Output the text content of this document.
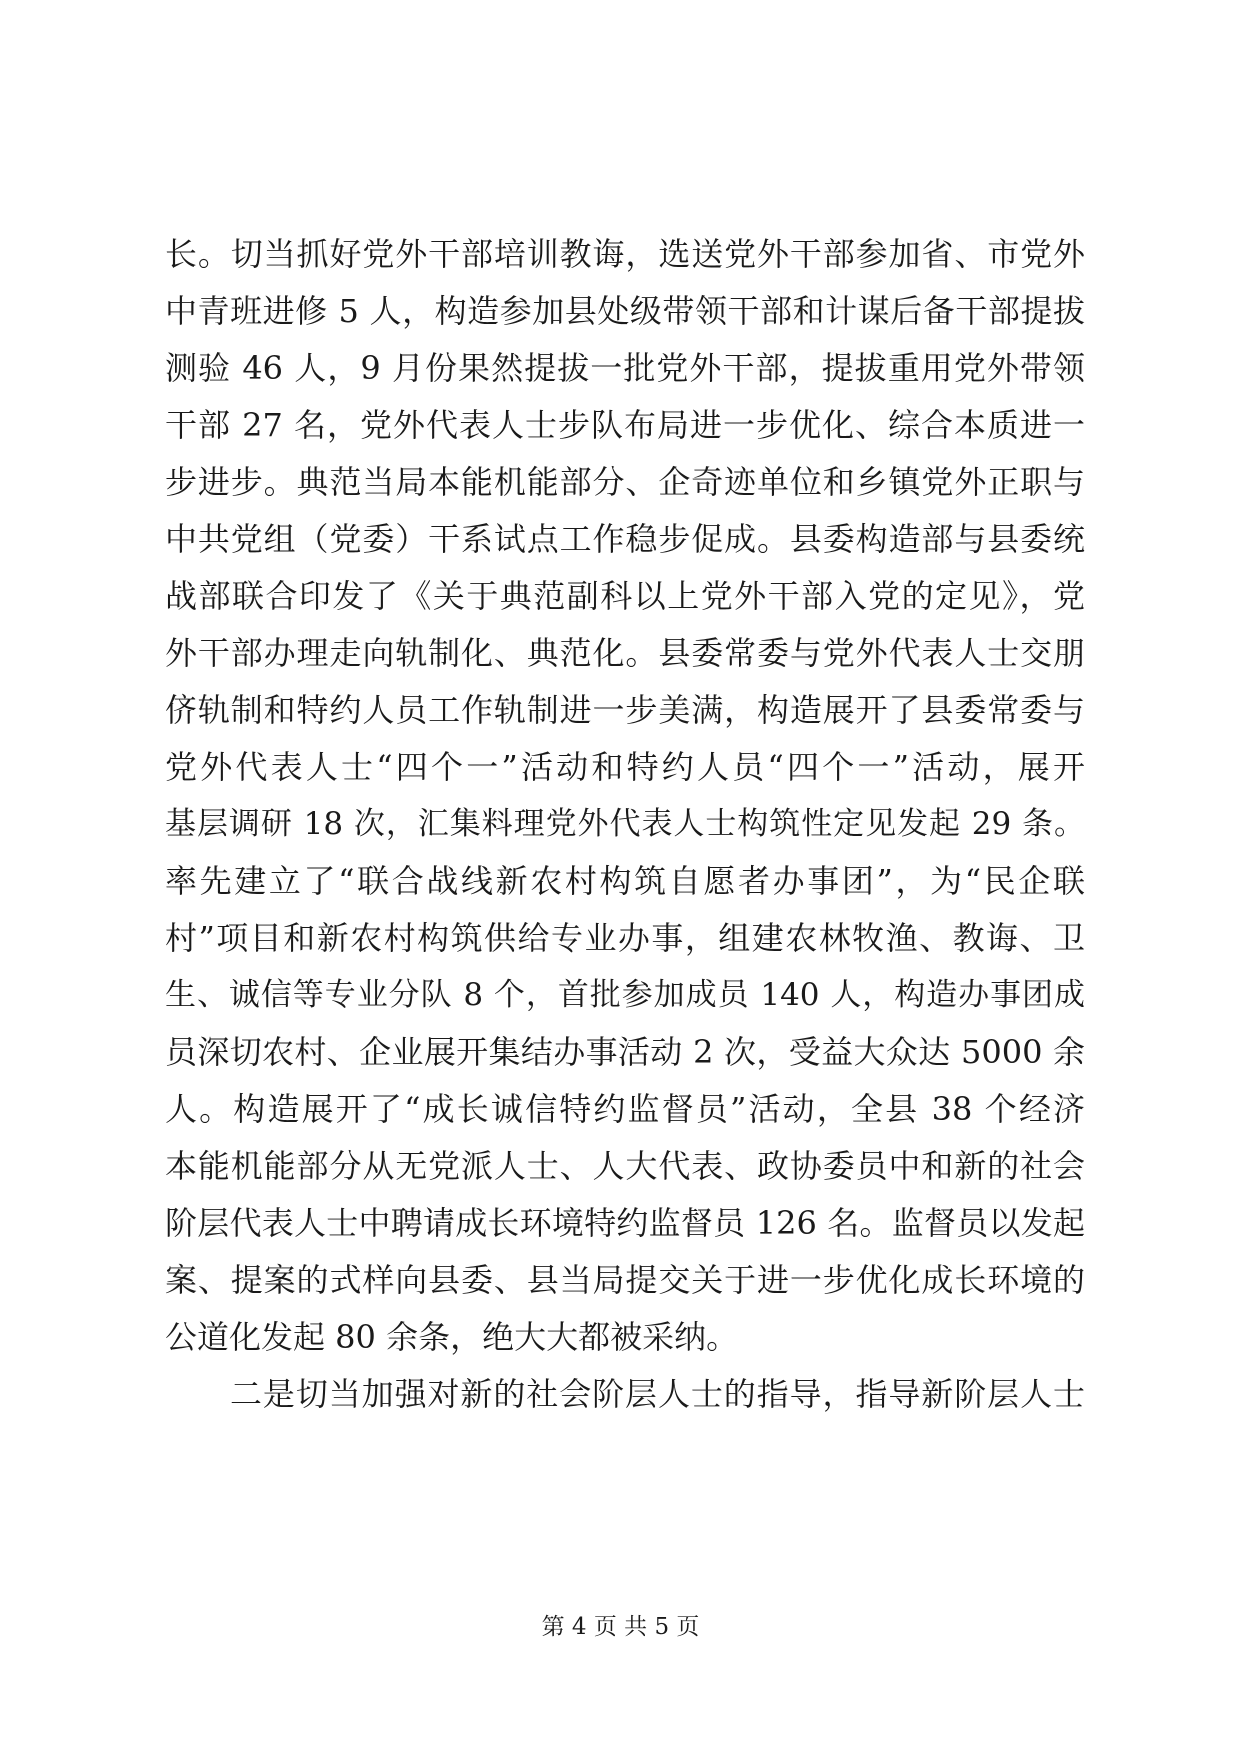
长。切当抓好党外干部培训教诲，选送党外干部参加省、市党外
中青班进修 5 人，构造参加县处级带领干部和计谋后备干部提拔
测验 46 人，9 月份果然提拔一批党外干部，提拔重用党外带领
干部 27 名，党外代表人士步队布局进一步优化、综合本质进一
步进步。典范当局本能机能部分、企奇迹单位和乡镇党外正职与
中共党组（党委）干系试点工作稳步促成。县委构造部与县委统
战部联合印发了《关于典范副科以上党外干部入党的定见》，党
外干部办理走向轨制化、典范化。县委常委与党外代表人士交朋
侪轨制和特约人员工作轨制进一步美满，构造展开了县委常委与
党外代表人士“四个一”活动和特约人员“四个一”活动，展开
基层调研 18 次，汇集料理党外代表人士构筑性定见发起 29 条。
率先建立了“联合战线新农村构筑自愿者办事团”，为“民企联
村”项目和新农村构筑供给专业办事，组建农林牧渔、教诲、卫
生、诚信等专业分队 8 个，首批参加成员 140 人，构造办事团成
员深切农村、企业展开集结办事活动 2 次，受益大众达 5000 余
人。构造展开了“成长诚信特约监督员”活动，全县 38 个经济
本能机能部分从无党派人士、人大代表、政协委员中和新的社会
阶层代表人士中聘请成长环境特约监督员 126 名。监督员以发起
案、提案的式样向县委、县当局提交关于进一步优化成长环境的
公道化发起 80 余条，绝大大都被采纳。
二是切当加强对新的社会阶层人士的指导，指导新阶层人士
第 4 页 共 5 页
